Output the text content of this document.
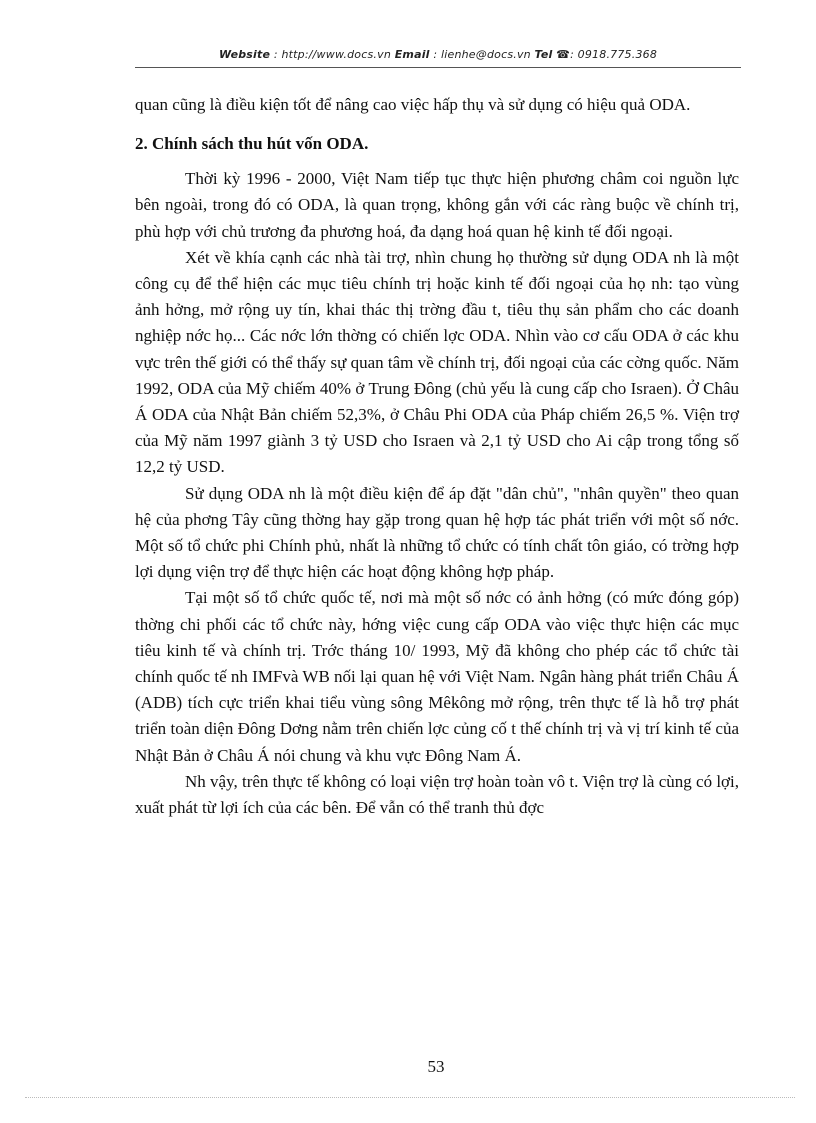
Website : http://www.docs.vn Email : lienhe@docs.vn Tel ☎: 0918.775.368

quan cũng là điều kiện tốt để nâng cao việc hấp thụ và sử dụng có hiệu quả ODA.

2. Chính sách thu hút vốn ODA.

Thời kỳ 1996 - 2000, Việt Nam tiếp tục thực hiện phương châm coi nguồn lực bên ngoài, trong đó có ODA, là quan trọng, không gắn với các ràng buộc về chính trị, phù hợp với chủ trương đa phương hoá, đa dạng hoá quan hệ kinh tế đối ngoại.

Xét về khía cạnh các nhà tài trợ, nhìn chung họ thường sử dụng ODA nh là một công cụ để thể hiện các mục tiêu chính trị hoặc kinh tế đối ngoại của họ nh: tạo vùng ảnh hởng, mở rộng uy tín, khai thác thị trờng đầu t, tiêu thụ sản phẩm cho các doanh nghiệp nớc họ... Các nớc lớn thờng có chiến lợc ODA. Nhìn vào cơ cấu ODA ở các khu vực trên thế giới có thể thấy sự quan tâm về chính trị, đối ngoại của các cờng quốc. Năm 1992, ODA của Mỹ chiếm 40% ở Trung Đông (chủ yếu là cung cấp cho Israen). Ở Châu Á ODA của Nhật Bản chiếm 52,3%, ở Châu Phi ODA của Pháp chiếm 26,5 %. Viện trợ của Mỹ năm 1997 giành 3 tỷ USD cho Israen và 2,1 tỷ USD cho Ai cập trong tổng số 12,2 tỷ USD.

Sử dụng ODA nh là một điều kiện để áp đặt "dân chủ", "nhân quyền" theo quan hệ của phơng Tây cũng thờng hay gặp trong quan hệ hợp tác phát triển với một số nớc. Một số tổ chức phi Chính phủ, nhất là những tổ chức có tính chất tôn giáo, có trờng hợp lợi dụng viện trợ để thực hiện các hoạt động không hợp pháp.

Tại một số tổ chức quốc tế, nơi mà một số nớc có ảnh hởng (có mức đóng góp) thờng chi phối các tổ chức này, hớng việc cung cấp ODA vào việc thực hiện các mục tiêu kinh tế và chính trị. Trớc tháng 10/ 1993, Mỹ đã không cho phép các tổ chức tài chính quốc tế nh IMFvà WB nối lại quan hệ với Việt Nam. Ngân hàng phát triển Châu Á (ADB) tích cực triển khai tiểu vùng sông Mêkông mở rộng, trên thực tế là hỗ trợ phát triển toàn diện Đông Dơng nằm trên chiến lợc củng cố t thế chính trị và vị trí kinh tế của Nhật Bản ở Châu Á nói chung và khu vực Đông Nam Á.

Nh vậy, trên thực tế không có loại viện trợ hoàn toàn vô t. Viện trợ là cùng có lợi, xuất phát từ lợi ích của các bên. Để vẫn có thể tranh thủ đợc

53
